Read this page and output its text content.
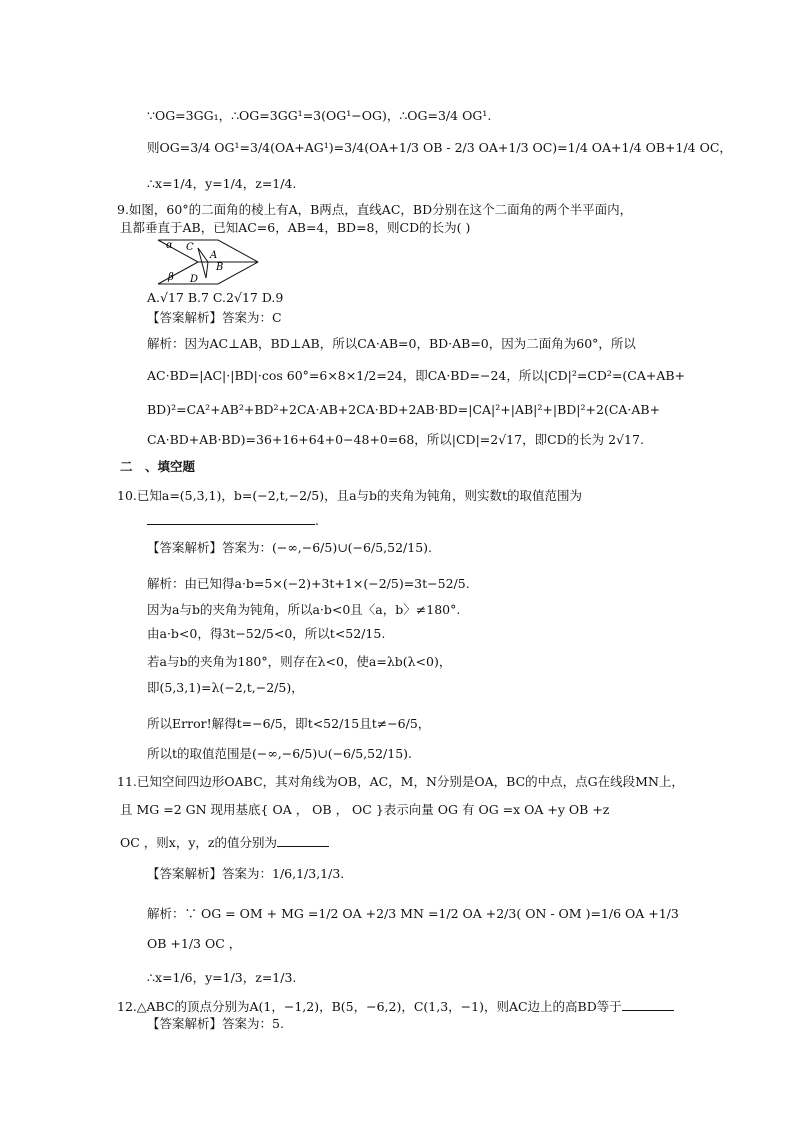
∵OG=3GG₁，∴OG=3GG¹=3(OG¹−OG)，∴OG=3/4 OG¹.
则OG=3/4 OG¹=3/4(OA+AG¹)=3/4(OA+1/3 OB - 2/3 OA+1/3 OC)=1/4 OA+1/4 OB+1/4 OC，
∴x=1/4，y=1/4，z=1/4.
9.如图，60°的二面角的棱上有A，B两点，直线AC，BD分别在这个二面角的两个半平面内，
且都垂直于AB，已知AC=6，AB=4，BD=8，则CD的长为( )
A.√17 B.7 C.2√17 D.9
【答案解析】答案为：C
解析：因为AC⊥AB，BD⊥AB，所以CA·AB=0，BD·AB=0，因为二面角为60°，所以
AC·BD=|AC|·|BD|·cos 60°=6×8×1/2=24，即CA·BD=−24，所以|CD|²=CD²=(CA+AB+
BD)²=CA²+AB²+BD²+2CA·AB+2CA·BD+2AB·BD=|CA|²+|AB|²+|BD|²+2(CA·AB+
CA·BD+AB·BD)=36+16+64+0−48+0=68，所以|CD|=2√17，即CD的长为 2√17.
二　、填空题
10.已知a=(5,3,1)，b=(−2,t,−2/5)，且a与b的夹角为钝角，则实数t的取值范围为
.
【答案解析】答案为：(−∞,−6/5)∪(−6/5,52/15).
解析：由已知得a·b=5×(−2)+3t+1×(−2/5)=3t−52/5.
因为a与b的夹角为钝角，所以a·b<0且〈a，b〉≠180°.
由a·b<0，得3t−52/5<0，所以t<52/15.
若a与b的夹角为180°，则存在λ<0，使a=λb(λ<0)，
即(5,3,1)=λ(−2,t,−2/5)，
所以Error!解得t=−6/5，即t<52/15且t≠−6/5，
所以t的取值范围是(−∞,−6/5)∪(−6/5,52/15).
11.已知空间四边形OABC，其对角线为OB，AC，M，N分别是OA，BC的中点，点G在线段MN上，
且 MG =2 GN 现用基底{ OA ， OB ， OC }表示向量 OG 有 OG =x OA +y OB +z
OC ，则x，y，z的值分别为
【答案解析】答案为：1/6,1/3,1/3.
解析：∵ OG = OM + MG =1/2 OA +2/3 MN =1/2 OA +2/3( ON - OM )=1/6 OA +1/3
OB +1/3 OC ，
∴x=1/6，y=1/3，z=1/3.
12.△ABC的顶点分别为A(1，−1,2)，B(5，−6,2)，C(1,3，−1)，则AC边上的高BD等于
【答案解析】答案为：5.
α C
A
B
β D
